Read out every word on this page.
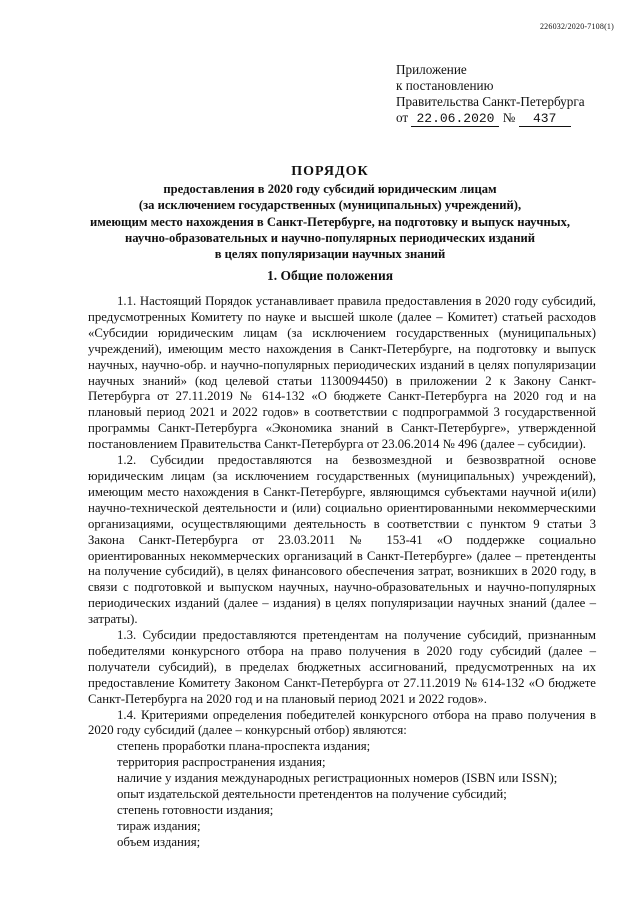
226032/2020-7108(1)
Приложение
к постановлению
Правительства Санкт-Петербурга
от 22.06.2020 № 437
ПОРЯДОК
предоставления в 2020 году субсидий юридическим лицам
(за исключением государственных (муниципальных) учреждений),
имеющим место нахождения в Санкт-Петербурге, на подготовку и выпуск научных,
научно-образовательных и научно-популярных периодических изданий
в целях популяризации научных знаний
1. Общие положения

1.1. Настоящий Порядок устанавливает правила предоставления в 2020 году субсидий, предусмотренных Комитету по науке и высшей школе (далее – Комитет) статьей расходов «Субсидии юридическим лицам (за исключением государственных (муниципальных) учреждений), имеющим место нахождения в Санкт-Петербурге, на подготовку и выпуск научных, научно-обр. и научно-популярных периодических изданий в целях популяризации научных знаний» (код целевой статьи 1130094450) в приложении 2 к Закону Санкт-Петербурга от 27.11.2019 № 614-132 «О бюджете Санкт-Петербурга на 2020 год и на плановый период 2021 и 2022 годов» в соответствии с подпрограммой 3 государственной программы Санкт-Петербурга «Экономика знаний в Санкт-Петербурге», утвержденной постановлением Правительства Санкт-Петербурга от 23.06.2014 № 496 (далее – субсидии).

1.2. Субсидии предоставляются на безвозмездной и безвозвратной основе юридическим лицам (за исключением государственных (муниципальных) учреждений), имеющим место нахождения в Санкт-Петербурге, являющимся субъектами научной и(или) научно-технической деятельности и (или) социально ориентированными некоммерческими организациями, осуществляющими деятельность в соответствии с пунктом 9 статьи 3 Закона Санкт-Петербурга от 23.03.2011 № 153-41 «О поддержке социально ориентированных некоммерческих организаций в Санкт-Петербурге» (далее – претенденты на получение субсидий), в целях финансового обеспечения затрат, возникших в 2020 году, в связи с подготовкой и выпуском научных, научно-образовательных и научно-популярных периодических изданий (далее – издания) в целях популяризации научных знаний (далее – затраты).

1.3. Субсидии предоставляются претендентам на получение субсидий, признанным победителями конкурсного отбора на право получения в 2020 году субсидий (далее – получатели субсидий), в пределах бюджетных ассигнований, предусмотренных на их предоставление Комитету Законом Санкт-Петербурга от 27.11.2019 № 614-132 «О бюджете Санкт-Петербурга на 2020 год и на плановый период 2021 и 2022 годов».

1.4. Критериями определения победителей конкурсного отбора на право получения в 2020 году субсидий (далее – конкурсный отбор) являются:

степень проработки плана-проспекта издания;
территория распространения издания;
наличие у издания международных регистрационных номеров (ISBN или ISSN);
опыт издательской деятельности претендентов на получение субсидий;
степень готовности издания;
тираж издания;
объем издания;
